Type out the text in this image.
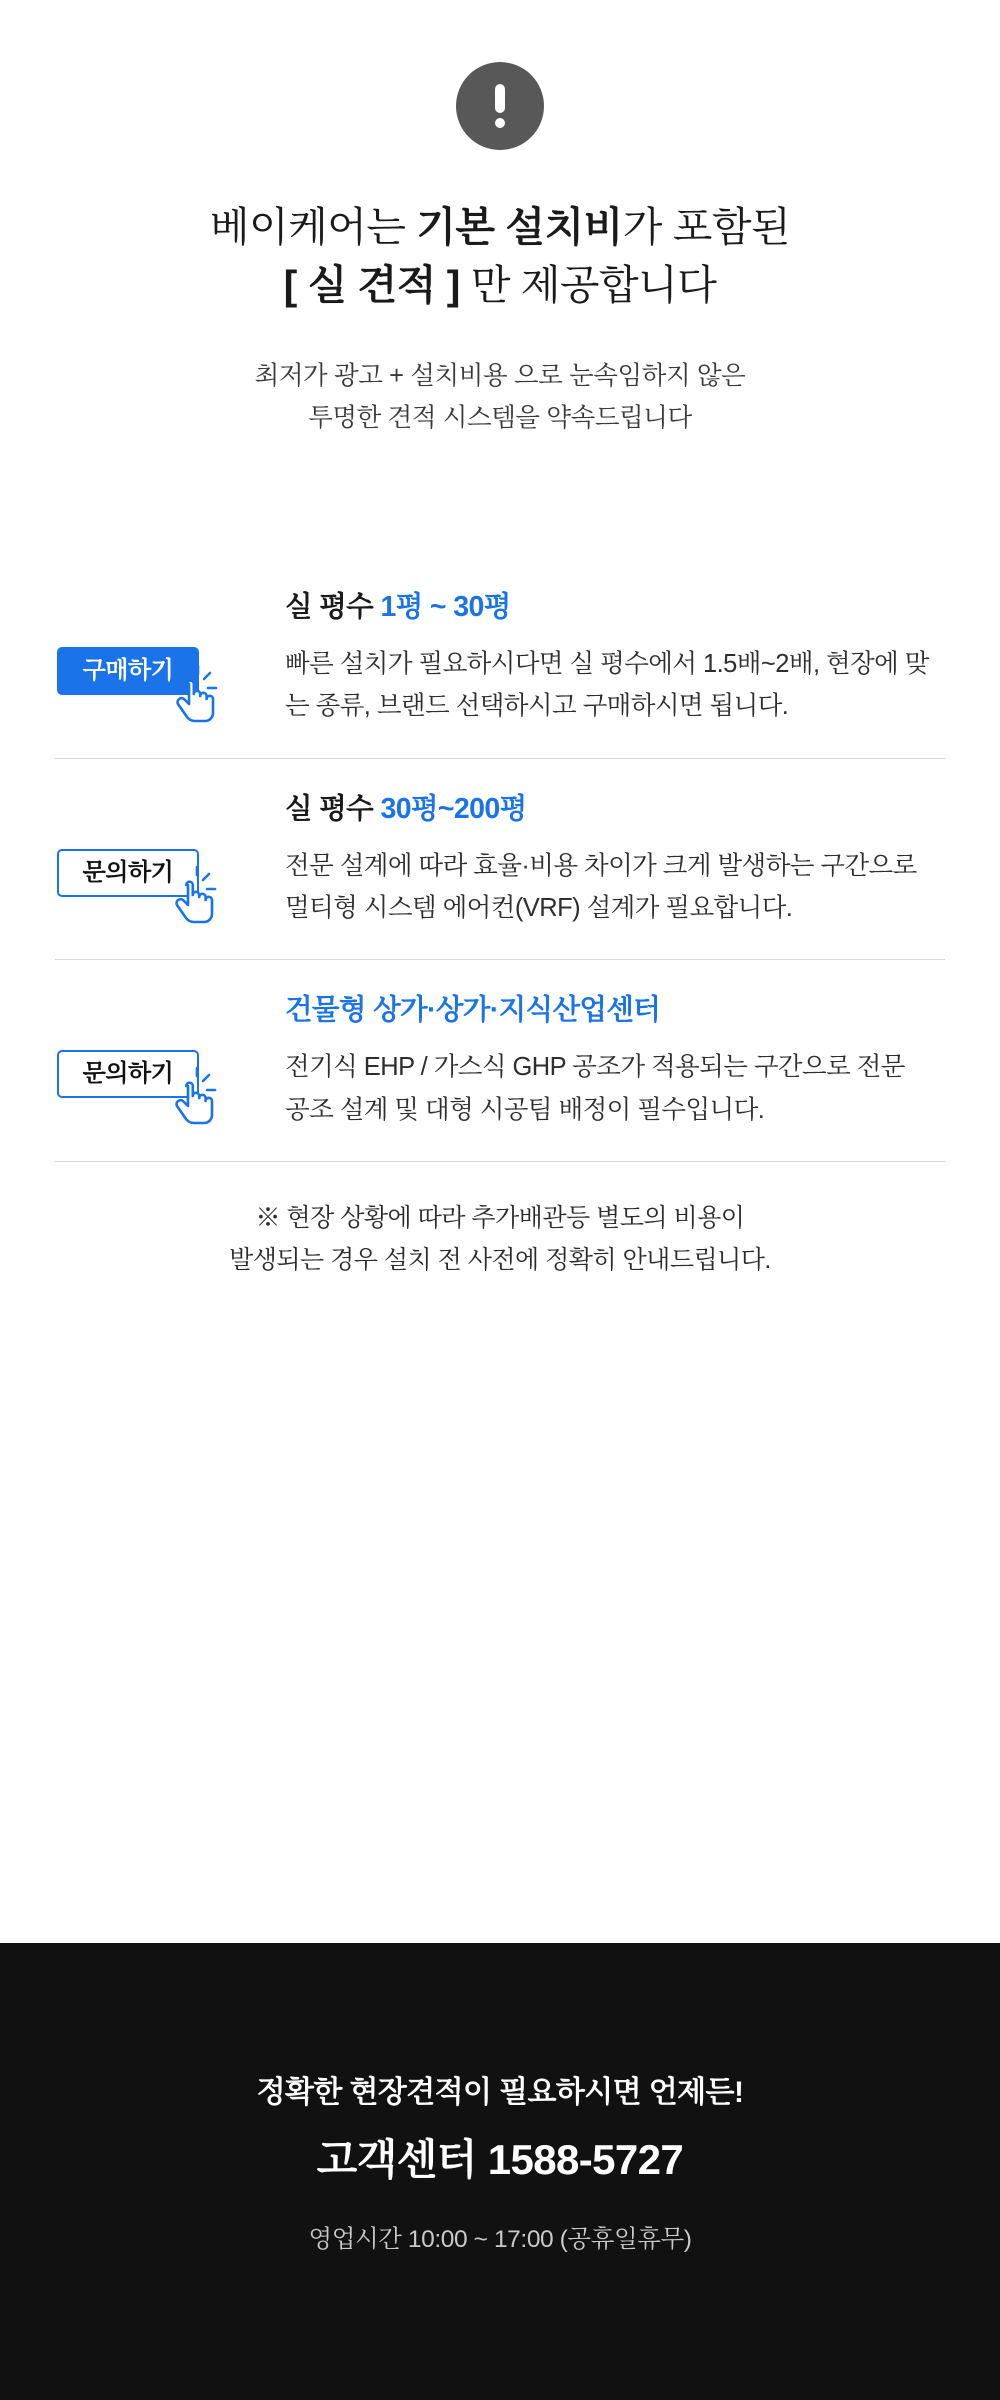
베이케어는 기본 설치비가 포함된
[ 실 견적 ] 만 제공합니다

최저가 광고 + 설치비용 으로 눈속임하지 않은
투명한 견적 시스템을 약속드립니다

구매하기
실 평수 1평 ~ 30평
빠른 설치가 필요하시다면 실 평수에서 1.5배~2배, 현장에 맞는 종류, 브랜드 선택하시고 구매하시면 됩니다.
문의하기
실 평수 30평~200평
전문 설계에 따라 효율·비용 차이가 크게 발생하는 구간으로 멀티형 시스템 에어컨(VRF) 설계가 필요합니다.
문의하기
건물형 상가·상가·지식산업센터
전기식 EHP / 가스식 GHP 공조가 적용되는 구간으로 전문 공조 설계 및 대형 시공팀 배정이 필수입니다.

※ 현장 상황에 따라 추가배관등 별도의 비용이
발생되는 경우 설치 전 사전에 정확히 안내드립니다.

정확한 현장견적이 필요하시면 언제든!
고객센터 1588-5727
영업시간 10:00 ~ 17:00 (공휴일휴무)
